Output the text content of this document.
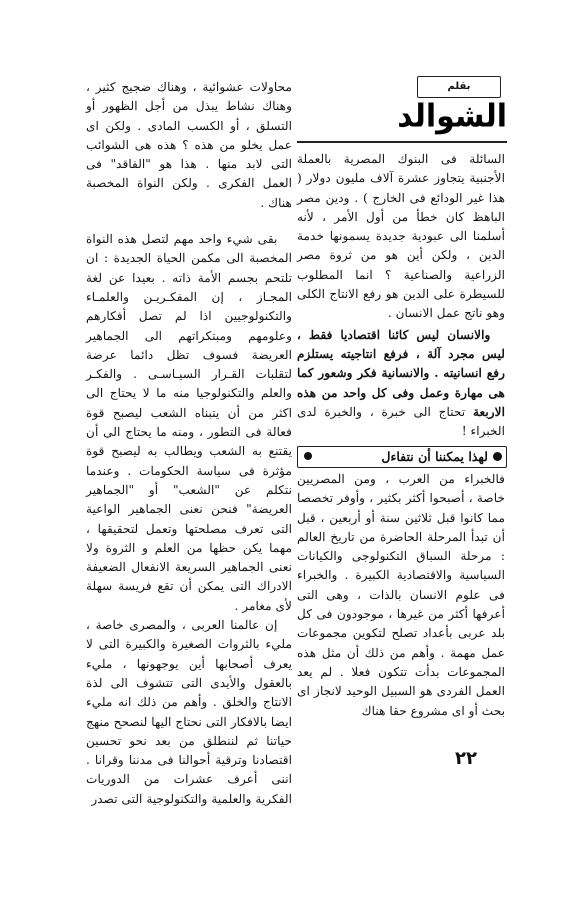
بقلم
الشوالد

محاولات عشوائية ، وهناك ضجيج كثير ، وهناك نشاط يبذل من أجل الظهور أو التسلق ، أو الكسب المادى . ولكن اى عمل يخلو من هذه ؟ هذه هى الشوائب التى لابد منها . هذا هو "الفاقد" فى العمل الفكرى . ولكن النواة المخصبة هناك .

بقى شيء واحد مهم لتصل هذه النواة المخصبة الى مكمن الحياة الجديدة : ان تلتحم بجسم الأمة ذاته . بعيدا عن لغة المجـاز ، إن المفكـريـن والعلمـاء والتكنولوجيين اذا لم تصل أفكارهم وعلومهم ومبتكراتهم الى الجماهير العريضة فسوف تظل دائما عرضة لتقلبات القـرار السيـاسـى . والفكـر والعلم والتكنولوجيا منه ما لا يحتاج الى اكثر من أن يتبناه الشعب ليصبح قوة فعالة فى التطور ، ومنه ما يحتاج الى أن يقتنع به الشعب ويطالب به ليصبح قوة مؤثرة فى سياسة الحكومات . وعندما نتكلم عن "الشعب" أو "الجماهير العريضة" فنحن نعنى الجماهير الواعية التى تعرف مصلحتها وتعمل لتحقيقها ، مهما يكن حظها من العلم و الثروة ولا نعنى الجماهير السريعة الانفعال الضعيفة الادراك التى يمكن أن تقع فريسة سهلة لأى مغامر .

إن عالمنا العربى ، والمصرى خاصة ، مليء بالثروات الصغيرة والكبيرة التى لا يعرف أصحابها أين يوجهونها ، مليء بالعقول والأيدى التى تتشوف الى لذة الانتاج والخلق . وأهم من ذلك انه مليء ايضا بالافكار التى نحتاج اليها لنصحح منهج حياتنا ثم لننطلق من بعد نحو تحسين اقتصادنا وترقية أحوالنا فى مدننا وقرانا . اننى أعرف عشرات من الدوريات الفكرية والعلمية والتكنولوجية التى تصدر

السائلة فى البنوك المصرية بالعملة الأجنبية يتجاوز عشرة آلاف مليون دولار ( هذا غير الودائع فى الخارج ) . ودين مصر الباهظ كان خطأ من أول الأمر ، لأنه أسلمنا الى عبودية جديدة يسمونها خدمة الدين ، ولكن أين هو من ثروة مصر الزراعية والصناعية ؟ انما المطلوب للسيطرة على الدين هو رفع الانتاج الكلى وهو ناتج عمل الانسان .

والانسان ليس كائنا اقتصاديا فقط ، ليس مجرد آلة ، فرفع انتاجيته يستلزم رفع انسانيته . والانسانية فكر وشعور كما هى مهارة وعمل وفى كل واحد من هذه الاربعة تحتاج الى خبرة ، والخبرة لدى الخبراء !

لهذا يمكننا أن نتفاءل

فالخبراء من العرب ، ومن المصريين خاصة ، أصبحوا أكثر بكثير ، وأوفر تخصصا مما كانوا قبل ثلاثين سنة أو أربعين ، قبل أن تبدأ المرحلة الحاضرة من تاريخ العالم : مرحلة السباق التكنولوجى والكيانات السياسية والاقتصادية الكبيرة . والخبراء فى علوم الانسان بالذات ، وهى التى أعرفها أكثر من غيرها ، موجودون فى كل بلد عربى بأعداد تصلح لتكوين مجموعات عمل مهمة . وأهم من ذلك أن مثل هذه المجموعات بدأت تتكون فعلا . لم يعد العمل الفردى هو السبيل الوحيد لانجاز اى بحث أو اى مشروع حقا هناك

٢٢
